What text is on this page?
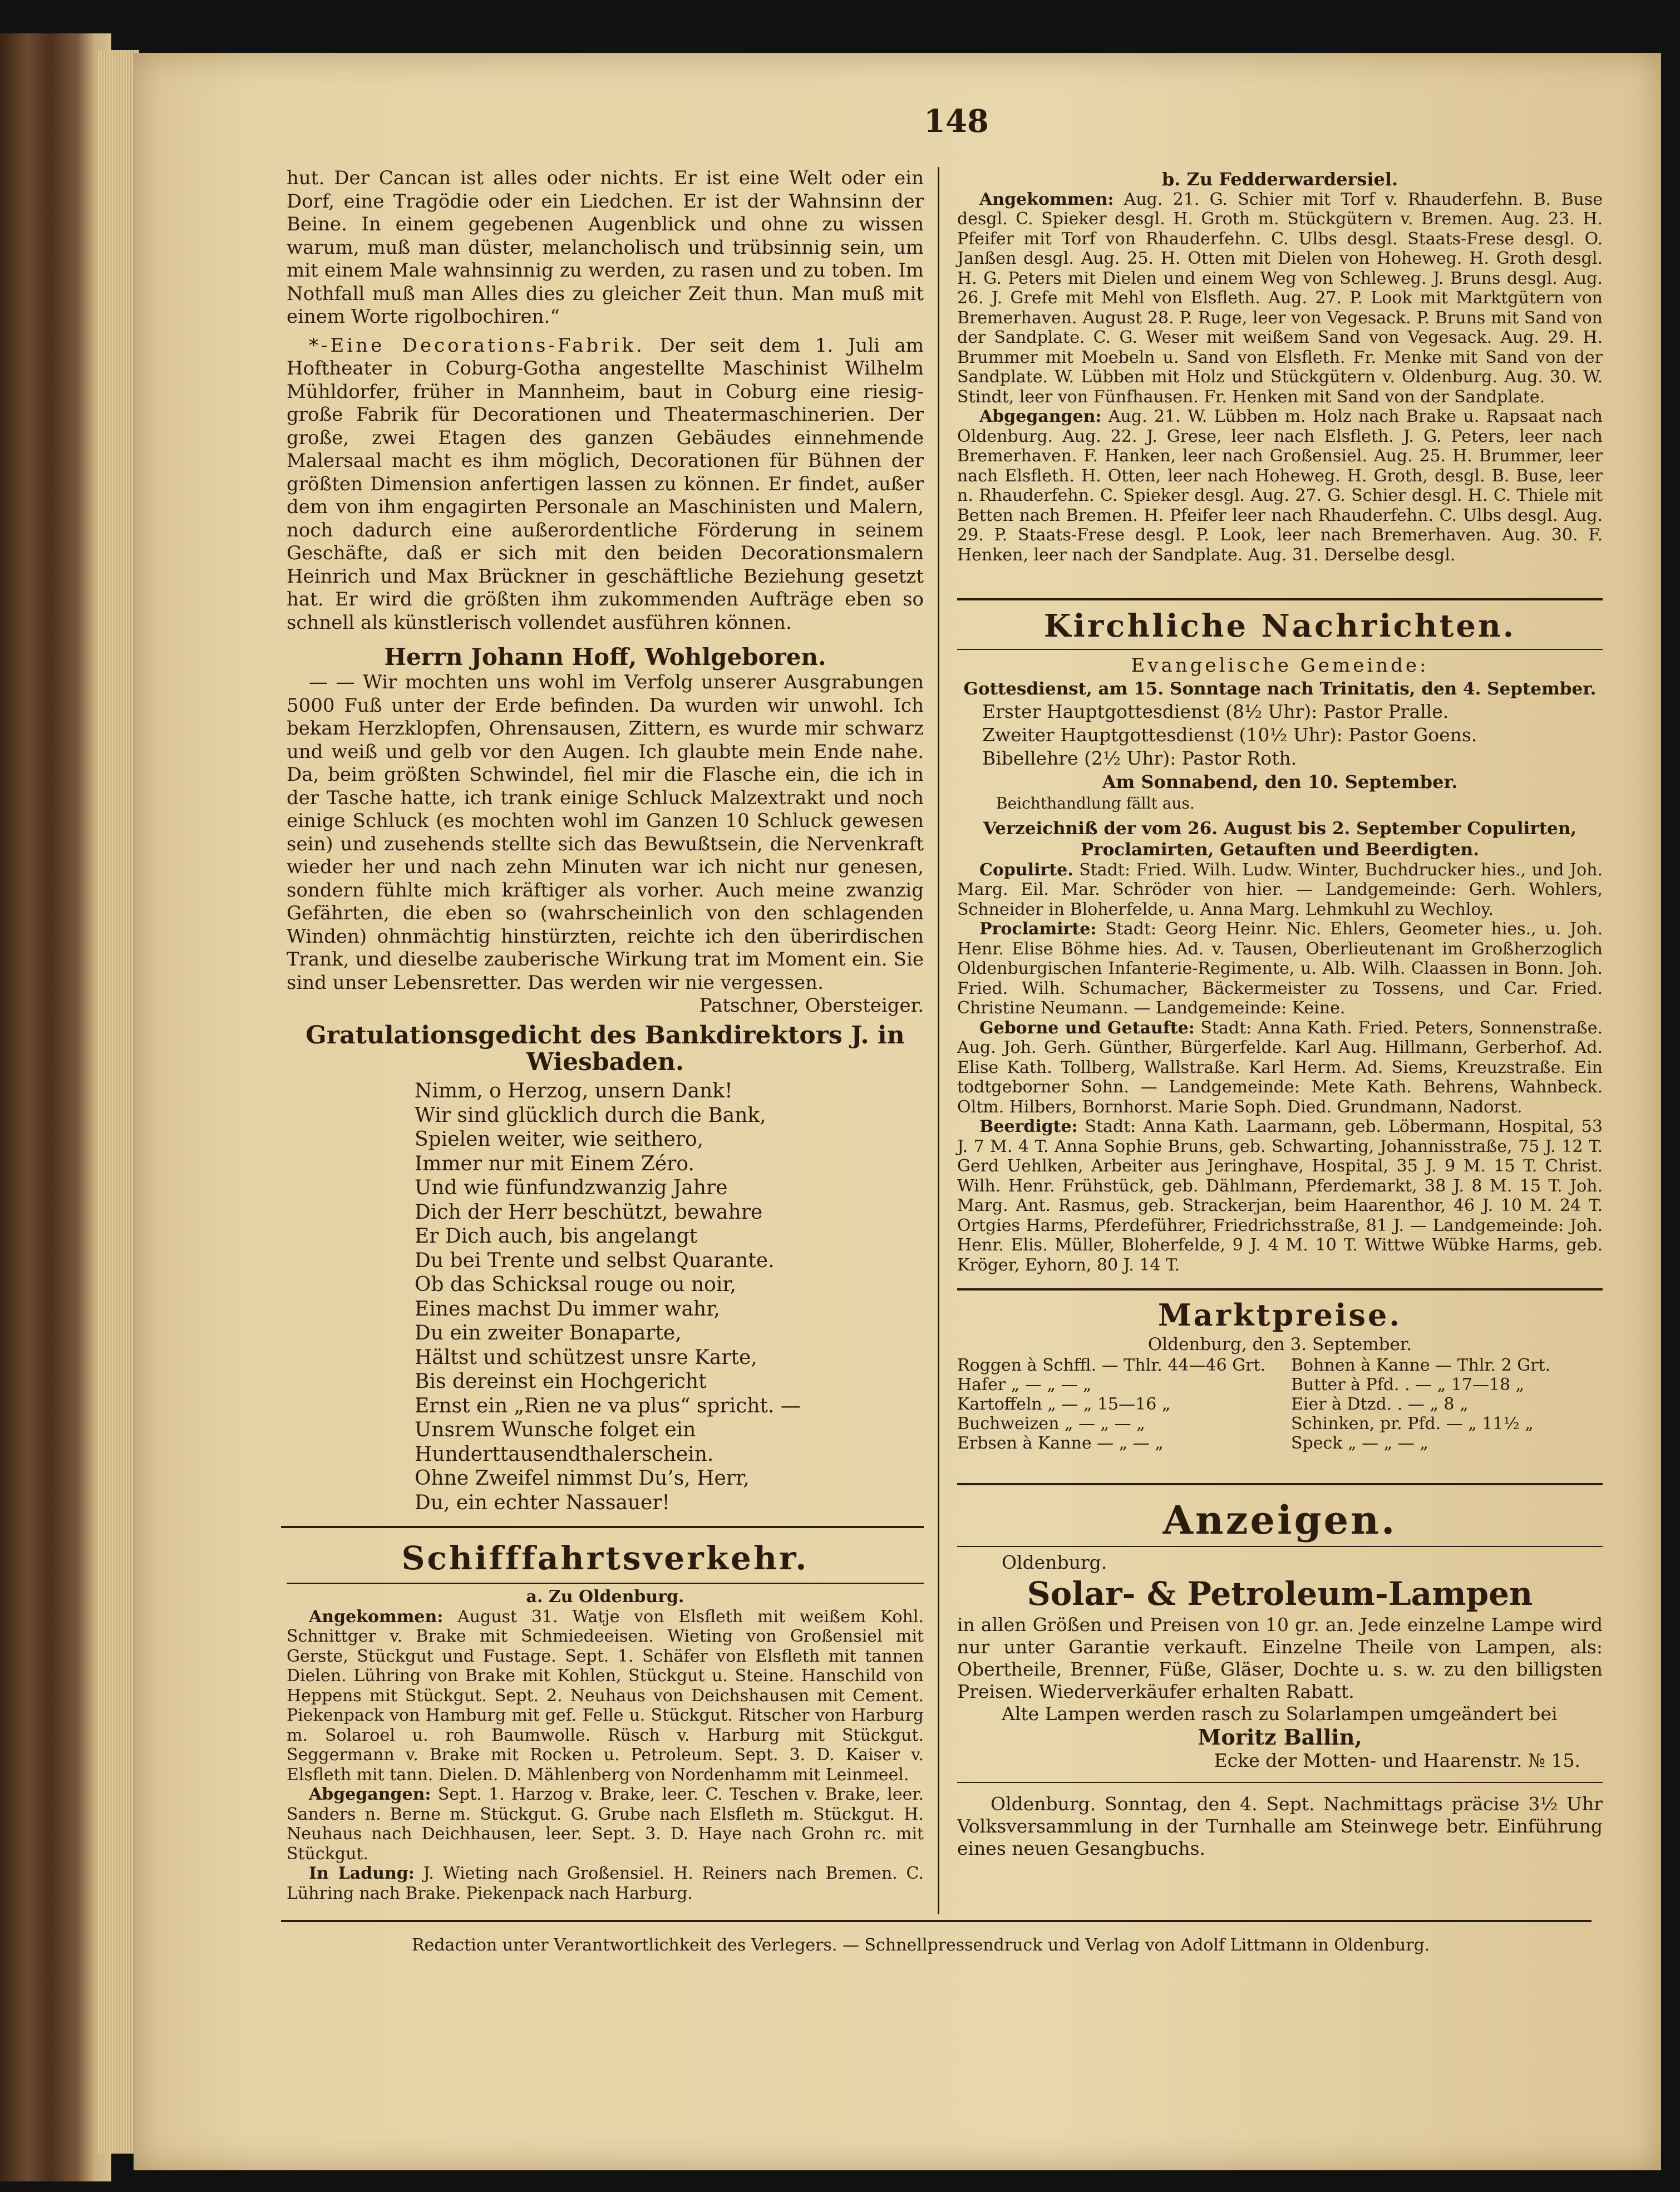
148

hut. Der Cancan ist alles oder nichts. Er ist eine Welt oder ein Dorf, eine Tragödie oder ein Liedchen. Er ist der Wahnsinn der Beine. In einem gegebenen Augenblick und ohne zu wissen warum, muß man düster, melancholisch und trübsinnig sein, um mit einem Male wahnsinnig zu werden, zu rasen und zu toben. Im Nothfall muß man Alles dies zu gleicher Zeit thun. Man muß mit einem Worte rigolbochiren.“

*-Eine Decorations-Fabrik. Der seit dem 1. Juli am Hoftheater in Coburg-Gotha angestellte Maschinist Wilhelm Mühldorfer, früher in Mannheim, baut in Coburg eine riesig-große Fabrik für Decorationen und Theatermaschinerien. Der große, zwei Etagen des ganzen Gebäudes einnehmende Malersaal macht es ihm möglich, Decorationen für Bühnen der größten Dimension anfertigen lassen zu können. Er findet, außer dem von ihm engagirten Personale an Maschinisten und Malern, noch dadurch eine außerordentliche Förderung in seinem Geschäfte, daß er sich mit den beiden Decorationsmalern Heinrich und Max Brückner in geschäftliche Beziehung gesetzt hat. Er wird die größten ihm zukommenden Aufträge eben so schnell als künstlerisch vollendet ausführen können.

Herrn Johann Hoff, Wohlgeboren.

— — Wir mochten uns wohl im Verfolg unserer Ausgrabungen 5000 Fuß unter der Erde befinden. Da wurden wir unwohl. Ich bekam Herzklopfen, Ohrensausen, Zittern, es wurde mir schwarz und weiß und gelb vor den Augen. Ich glaubte mein Ende nahe. Da, beim größten Schwindel, fiel mir die Flasche ein, die ich in der Tasche hatte, ich trank einige Schluck Malzextrakt und noch einige Schluck (es mochten wohl im Ganzen 10 Schluck gewesen sein) und zusehends stellte sich das Bewußtsein, die Nervenkraft wieder her und nach zehn Minuten war ich nicht nur genesen, sondern fühlte mich kräftiger als vorher. Auch meine zwanzig Gefährten, die eben so (wahrscheinlich von den schlagenden Winden) ohnmächtig hinstürzten, reichte ich den überirdischen Trank, und dieselbe zauberische Wirkung trat im Moment ein. Sie sind unser Lebensretter. Das werden wir nie vergessen.
Patschner, Obersteiger.

Gratulationsgedicht des Bankdirektors J. in Wiesbaden.
Nimm, o Herzog, unsern Dank!
Wir sind glücklich durch die Bank,
Spielen weiter, wie seithero,
Immer nur mit Einem Zéro.
Und wie fünfundzwanzig Jahre
Dich der Herr beschützt, bewahre
Er Dich auch, bis angelangt
Du bei Trente und selbst Quarante.
Ob das Schicksal rouge ou noir,
Eines machst Du immer wahr,
Du ein zweiter Bonaparte,
Hältst und schützest unsre Karte,
Bis dereinst ein Hochgericht
Ernst ein „Rien ne va plus“ spricht. —
Unsrem Wunsche folget ein
Hunderttausendthalerschein.
Ohne Zweifel nimmst Du’s, Herr,
Du, ein echter Nassauer!
Schifffahrtsverkehr.
a. Zu Oldenburg.

Angekommen: August 31. Watje von Elsfleth mit weißem Kohl. Schnittger v. Brake mit Schmiedeeisen. Wieting von Großensiel mit Gerste, Stückgut und Fustage. Sept. 1. Schäfer von Elsfleth mit tannen Dielen. Lühring von Brake mit Kohlen, Stückgut u. Steine. Hanschild von Heppens mit Stückgut. Sept. 2. Neuhaus von Deichshausen mit Cement. Piekenpack von Hamburg mit gef. Felle u. Stückgut. Ritscher von Harburg m. Solaroel u. roh Baumwolle. Rüsch v. Harburg mit Stückgut. Seggermann v. Brake mit Rocken u. Petroleum. Sept. 3. D. Kaiser v. Elsfleth mit tann. Dielen. D. Mählenberg von Nordenhamm mit Leinmeel.

Abgegangen: Sept. 1. Harzog v. Brake, leer. C. Teschen v. Brake, leer. Sanders n. Berne m. Stückgut. G. Grube nach Elsfleth m. Stückgut. H. Neuhaus nach Deichhausen, leer. Sept. 3. D. Haye nach Grohn rc. mit Stückgut.

In Ladung: J. Wieting nach Großensiel. H. Reiners nach Bremen. C. Lühring nach Brake. Piekenpack nach Harburg.

b. Zu Fedderwardersiel.

Angekommen: Aug. 21. G. Schier mit Torf v. Rhauderfehn. B. Buse desgl. C. Spieker desgl. H. Groth m. Stückgütern v. Bremen. Aug. 23. H. Pfeifer mit Torf von Rhauderfehn. C. Ulbs desgl. Staats-Frese desgl. O. Janßen desgl. Aug. 25. H. Otten mit Dielen von Hoheweg. H. Groth desgl. H. G. Peters mit Dielen und einem Weg von Schleweg. J. Bruns desgl. Aug. 26. J. Grefe mit Mehl von Elsfleth. Aug. 27. P. Look mit Marktgütern von Bremerhaven. August 28. P. Ruge, leer von Vegesack. P. Bruns mit Sand von der Sandplate. C. G. Weser mit weißem Sand von Vegesack. Aug. 29. H. Brummer mit Moebeln u. Sand von Elsfleth. Fr. Menke mit Sand von der Sandplate. W. Lübben mit Holz und Stückgütern v. Oldenburg. Aug. 30. W. Stindt, leer von Fünfhausen. Fr. Henken mit Sand von der Sandplate.

Abgegangen: Aug. 21. W. Lübben m. Holz nach Brake u. Rapsaat nach Oldenburg. Aug. 22. J. Grese, leer nach Elsfleth. J. G. Peters, leer nach Bremerhaven. F. Hanken, leer nach Großensiel. Aug. 25. H. Brummer, leer nach Elsfleth. H. Otten, leer nach Hoheweg. H. Groth, desgl. B. Buse, leer n. Rhauderfehn. C. Spieker desgl. Aug. 27. G. Schier desgl. H. C. Thiele mit Betten nach Bremen. H. Pfeifer leer nach Rhauderfehn. C. Ulbs desgl. Aug. 29. P. Staats-Frese desgl. P. Look, leer nach Bremerhaven. Aug. 30. F. Henken, leer nach der Sandplate. Aug. 31. Derselbe desgl.

Kirchliche Nachrichten.
Evangelische Gemeinde:
Gottesdienst, am 15. Sonntage nach Trinitatis, den 4. September.
Erster Hauptgottesdienst (8½ Uhr): Pastor Pralle.
Zweiter Hauptgottesdienst (10½ Uhr): Pastor Goens.
Bibellehre (2½ Uhr): Pastor Roth.
Am Sonnabend, den 10. September.
Beichthandlung fällt aus.
Verzeichniß der vom 26. August bis 2. September Copulirten, Proclamirten, Getauften und Beerdigten.

Copulirte. Stadt: Fried. Wilh. Ludw. Winter, Buchdrucker hies., und Joh. Marg. Eil. Mar. Schröder von hier. — Landgemeinde: Gerh. Wohlers, Schneider in Bloherfelde, u. Anna Marg. Lehmkuhl zu Wechloy.

Proclamirte: Stadt: Georg Heinr. Nic. Ehlers, Geometer hies., u. Joh. Henr. Elise Böhme hies. Ad. v. Tausen, Oberlieutenant im Großherzoglich Oldenburgischen Infanterie-Regimente, u. Alb. Wilh. Claassen in Bonn. Joh. Fried. Wilh. Schumacher, Bäckermeister zu Tossens, und Car. Fried. Christine Neumann. — Landgemeinde: Keine.

Geborne und Getaufte: Stadt: Anna Kath. Fried. Peters, Sonnenstraße. Aug. Joh. Gerh. Günther, Bürgerfelde. Karl Aug. Hillmann, Gerberhof. Ad. Elise Kath. Tollberg, Wallstraße. Karl Herm. Ad. Siems, Kreuzstraße. Ein todtgeborner Sohn. — Landgemeinde: Mete Kath. Behrens, Wahnbeck. Oltm. Hilbers, Bornhorst. Marie Soph. Died. Grundmann, Nadorst.

Beerdigte: Stadt: Anna Kath. Laarmann, geb. Löbermann, Hospital, 53 J. 7 M. 4 T. Anna Sophie Bruns, geb. Schwarting, Johannisstraße, 75 J. 12 T. Gerd Uehlken, Arbeiter aus Jeringhave, Hospital, 35 J. 9 M. 15 T. Christ. Wilh. Henr. Frühstück, geb. Dählmann, Pferdemarkt, 38 J. 8 M. 15 T. Joh. Marg. Ant. Rasmus, geb. Strackerjan, beim Haarenthor, 46 J. 10 M. 24 T. Ortgies Harms, Pferdeführer, Friedrichsstraße, 81 J. — Landgemeinde: Joh. Henr. Elis. Müller, Bloherfelde, 9 J. 4 M. 10 T. Wittwe Wübke Harms, geb. Kröger, Eyhorn, 80 J. 14 T.

Marktpreise.
Oldenburg, den 3. September.
Roggen à Schffl. — Thlr. 44—46 Grt.
Hafer „ — „ — „
Kartoffeln „ — „ 15—16 „
Buchweizen „ — „ — „
Erbsen à Kanne — „ — „
Bohnen à Kanne — Thlr. 2 Grt.
Butter à Pfd. . — „ 17—18 „
Eier à Dtzd. . — „ 8 „
Schinken, pr. Pfd. — „ 11½ „
Speck „ — „ — „
Anzeigen.
Oldenburg.
Solar- & Petroleum-Lampen

in allen Größen und Preisen von 10 gr. an. Jede einzelne Lampe wird nur unter Garantie verkauft. Einzelne Theile von Lampen, als: Obertheile, Brenner, Füße, Gläser, Dochte u. s. w. zu den billigsten Preisen. Wiederverkäufer erhalten Rabatt.

Alte Lampen werden rasch zu Solarlampen umgeändert bei

Moritz Ballin,
Ecke der Motten- und Haarenstr. № 15.

Oldenburg. Sonntag, den 4. Sept. Nachmittags präcise 3½ Uhr Volksversammlung in der Turnhalle am Steinwege betr. Einführung eines neuen Gesangbuchs.

Redaction unter Verantwortlichkeit des Verlegers. — Schnellpressendruck und Verlag von Adolf Littmann in Oldenburg.
